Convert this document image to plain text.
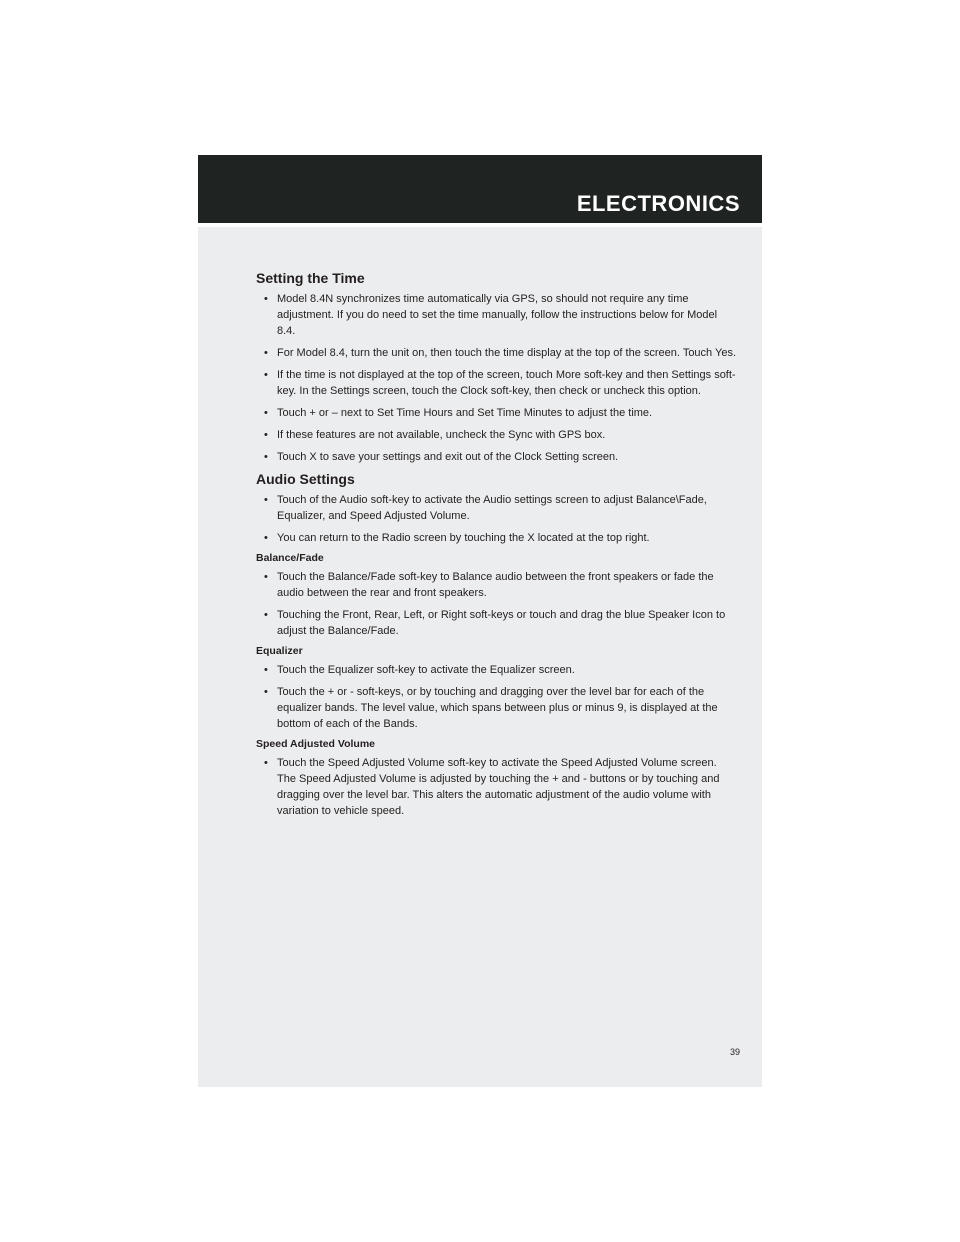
ELECTRONICS

Setting the Time
• Model 8.4N synchronizes time automatically via GPS, so should not require any time adjustment. If you do need to set the time manually, follow the instructions below for Model 8.4.
• For Model 8.4, turn the unit on, then touch the time display at the top of the screen. Touch Yes.
• If the time is not displayed at the top of the screen, touch More soft-key and then Settings soft-key. In the Settings screen, touch the Clock soft-key, then check or uncheck this option.
• Touch + or – next to Set Time Hours and Set Time Minutes to adjust the time.
• If these features are not available, uncheck the Sync with GPS box.
• Touch X to save your settings and exit out of the Clock Setting screen.
Audio Settings
• Touch of the Audio soft-key to activate the Audio settings screen to adjust Balance\Fade, Equalizer, and Speed Adjusted Volume.
• You can return to the Radio screen by touching the X located at the top right.
Balance/Fade
• Touch the Balance/Fade soft-key to Balance audio between the front speakers or fade the audio between the rear and front speakers.
• Touching the Front, Rear, Left, or Right soft-keys or touch and drag the blue Speaker Icon to adjust the Balance/Fade.
Equalizer
• Touch the Equalizer soft-key to activate the Equalizer screen.
• Touch the + or - soft-keys, or by touching and dragging over the level bar for each of the equalizer bands. The level value, which spans between plus or minus 9, is displayed at the bottom of each of the Bands.
Speed Adjusted Volume
• Touch the Speed Adjusted Volume soft-key to activate the Speed Adjusted Volume screen. The Speed Adjusted Volume is adjusted by touching the + and - buttons or by touching and dragging over the level bar. This alters the automatic adjustment of the audio volume with variation to vehicle speed.

39
